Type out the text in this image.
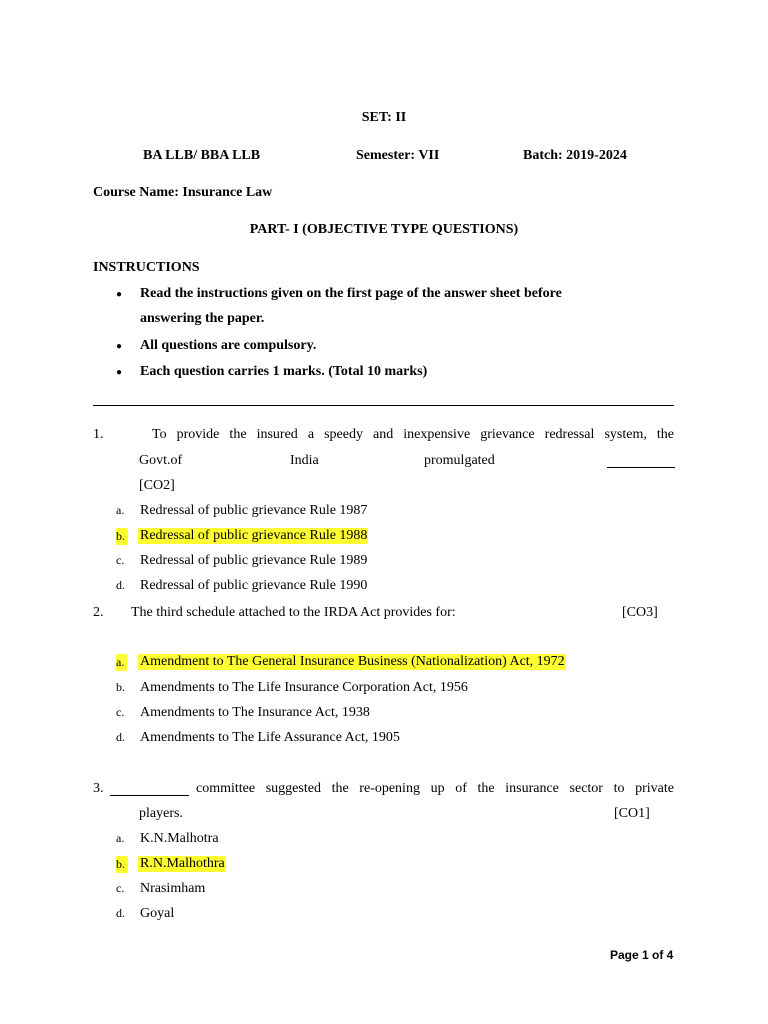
SET: II
BA LLB/ BBA LLB	Semester: VII	Batch: 2019-2024
Course Name: Insurance Law
PART- I (OBJECTIVE TYPE QUESTIONS)
INSTRUCTIONS
● Read the instructions given on the first page of the answer sheet before
answering the paper.
● All questions are compulsory.
● Each question carries 1 marks. (Total 10 marks)
1.	To provide the insured a speedy and inexpensive grievance redressal system, the
Govt.of	India	promulgated
[CO2]
a. Redressal of public grievance Rule 1987
b. Redressal of public grievance Rule 1988
c. Redressal of public grievance Rule 1989
d. Redressal of public grievance Rule 1990
2. The third schedule attached to the IRDA Act provides for:	[CO3]
a. Amendment to The General Insurance Business (Nationalization) Act, 1972
b. Amendments to The Life Insurance Corporation Act, 1956
c. Amendments to The Insurance Act, 1938
d. Amendments to The Life Assurance Act, 1905
3.	committee suggested the re-opening up of the insurance sector to private
players.	[CO1]
a. K.N.Malhotra
b. R.N.Malhothra
c. Nrasimham
d. Goyal
Page 1 of 4
